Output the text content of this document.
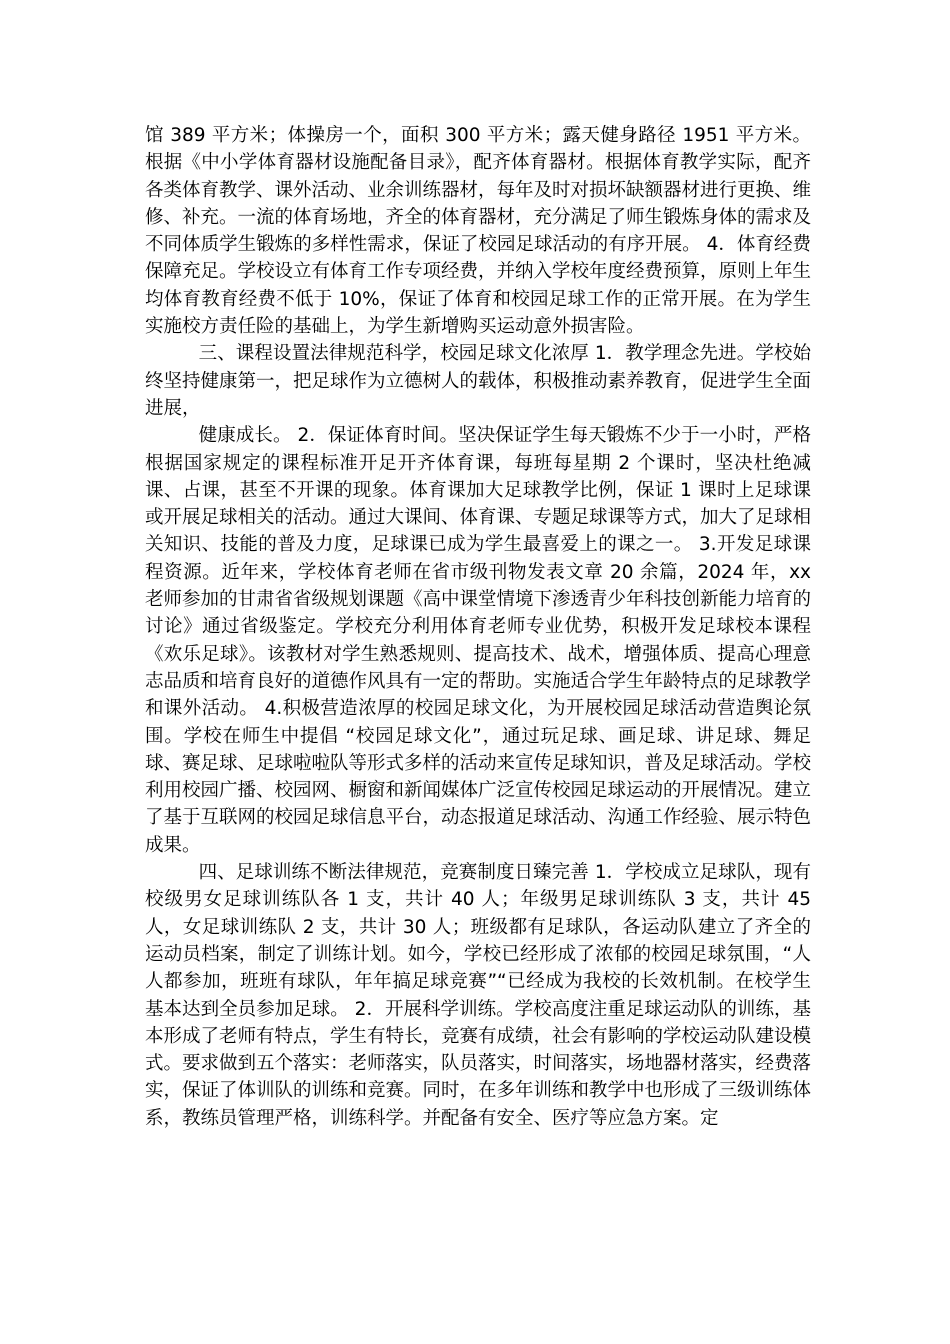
馆 389 平方米；体操房一个，面积 300 平方米；露天健身路径 1951 平方米。根据《中小学体育器材设施配备目录》，配齐体育器材。根据体育教学实际，配齐各类体育教学、课外活动、业余训练器材，每年及时对损坏缺额器材进行更换、维修、补充。一流的体育场地，齐全的体育器材，充分满足了师生锻炼身体的需求及不同体质学生锻炼的多样性需求，保证了校园足球活动的有序开展。 4．体育经费保障充足。学校设立有体育工作专项经费，并纳入学校年度经费预算，原则上年生均体育教育经费不低于 10%，保证了体育和校园足球工作的正常开展。在为学生实施校方责任险的基础上，为学生新增购买运动意外损害险。

三、课程设置法律规范科学，校园足球文化浓厚 1．教学理念先进。学校始终坚持健康第一，把足球作为立德树人的载体，积极推动素养教育，促进学生全面进展，

健康成长。 2．保证体育时间。坚决保证学生每天锻炼不少于一小时，严格根据国家规定的课程标准开足开齐体育课，每班每星期 2 个课时，坚决杜绝减课、占课，甚至不开课的现象。体育课加大足球教学比例，保证 1 课时上足球课或开展足球相关的活动。通过大课间、体育课、专题足球课等方式，加大了足球相关知识、技能的普及力度，足球课已成为学生最喜爱上的课之一。 3.开发足球课程资源。近年来，学校体育老师在省市级刊物发表文章 20 余篇，2024 年，xx 老师参加的甘肃省省级规划课题《高中课堂情境下渗透青少年科技创新能力培育的讨论》通过省级鉴定。学校充分利用体育老师专业优势，积极开发足球校本课程《欢乐足球》。该教材对学生熟悉规则、提高技术、战术，增强体质、提高心理意志品质和培育良好的道德作风具有一定的帮助。实施适合学生年龄特点的足球教学和课外活动。 4.积极营造浓厚的校园足球文化，为开展校园足球活动营造舆论氛围。学校在师生中提倡 “校园足球文化”，通过玩足球、画足球、讲足球、舞足球、赛足球、足球啦啦队等形式多样的活动来宣传足球知识，普及足球活动。学校利用校园广播、校园网、橱窗和新闻媒体广泛宣传校园足球运动的开展情况。建立了基于互联网的校园足球信息平台，动态报道足球活动、沟通工作经验、展示特色成果。

四、足球训练不断法律规范，竞赛制度日臻完善 1．学校成立足球队，现有校级男女足球训练队各 1 支，共计 40 人；年级男足球训练队 3 支，共计 45 人，女足球训练队 2 支，共计 30 人；班级都有足球队，各运动队建立了齐全的运动员档案，制定了训练计划。如今，学校已经形成了浓郁的校园足球氛围，“人人都参加，班班有球队，年年搞足球竞赛”“已经成为我校的长效机制。在校学生基本达到全员参加足球。 2．开展科学训练。学校高度注重足球运动队的训练，基本形成了老师有特点，学生有特长，竞赛有成绩，社会有影响的学校运动队建设模式。要求做到五个落实：老师落实，队员落实，时间落实，场地器材落实，经费落实，保证了体训队的训练和竞赛。同时，在多年训练和教学中也形成了三级训练体系，教练员管理严格，训练科学。并配备有安全、医疗等应急方案。定
